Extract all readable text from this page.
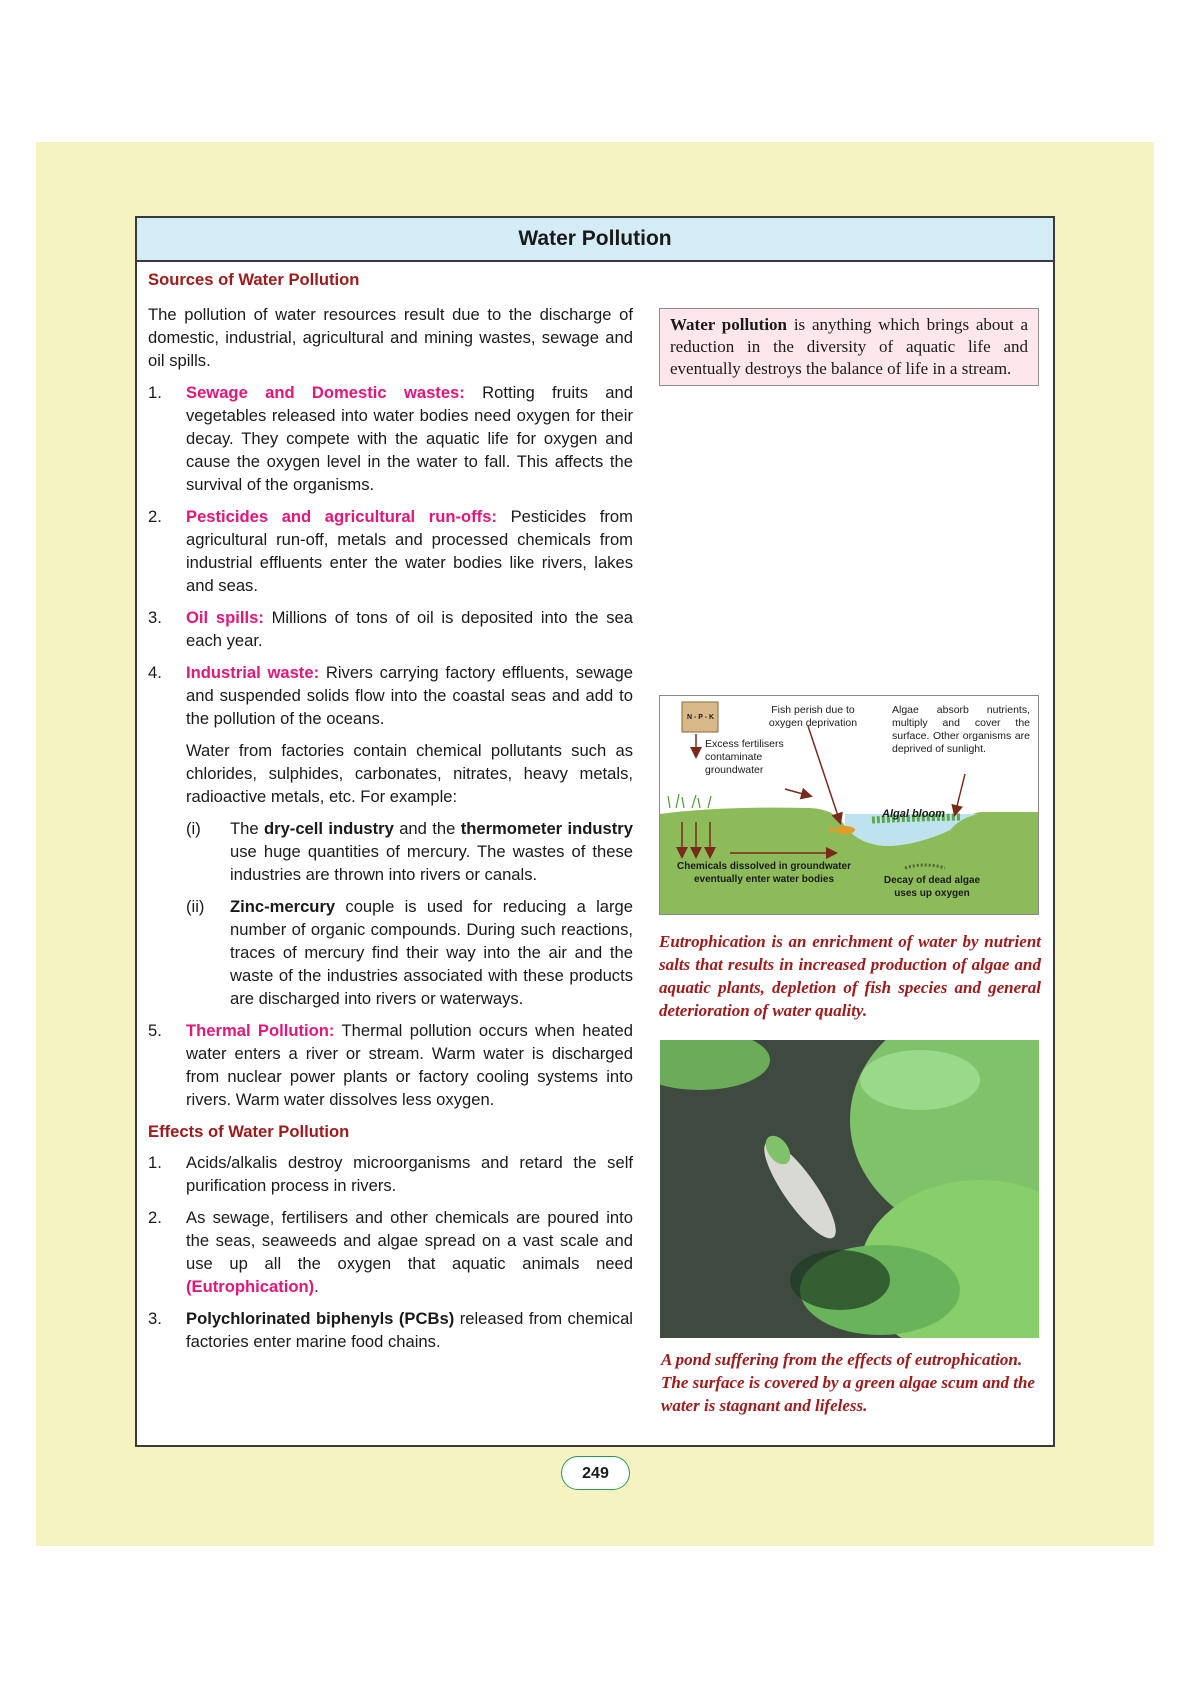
Water Pollution
Sources of Water Pollution
The pollution of water resources result due to the discharge of domestic, industrial, agricultural and mining wastes, sewage and oil spills.
1. Sewage and Domestic wastes: Rotting fruits and vegetables released into water bodies need oxygen for their decay. They compete with the aquatic life for oxygen and cause the oxygen level in the water to fall. This affects the survival of the organisms.
2. Pesticides and agricultural run-offs: Pesticides from agricultural run-off, metals and processed chemicals from industrial effluents enter the water bodies like rivers, lakes and seas.
3. Oil spills: Millions of tons of oil is deposited into the sea each year.
4. Industrial waste: Rivers carrying factory effluents, sewage and suspended solids flow into the coastal seas and add to the pollution of the oceans.
Water from factories contain chemical pollutants such as chlorides, sulphides, carbonates, nitrates, heavy metals, radioactive metals, etc. For example:
(i) The dry-cell industry and the thermometer industry use huge quantities of mercury. The wastes of these industries are thrown into rivers or canals.
(ii) Zinc-mercury couple is used for reducing a large number of organic compounds. During such reactions, traces of mercury find their way into the air and the waste of the industries associated with these products are discharged into rivers or waterways.
5. Thermal Pollution: Thermal pollution occurs when heated water enters a river or stream. Warm water is discharged from nuclear power plants or factory cooling systems into rivers. Warm water dissolves less oxygen.
Effects of Water Pollution
1. Acids/alkalis destroy microorganisms and retard the self purification process in rivers.
2. As sewage, fertilisers and other chemicals are poured into the seas, seaweeds and algae spread on a vast scale and use up all the oxygen that aquatic animals need (Eutrophication).
3. Polychlorinated biphenyls (PCBs) released from chemical factories enter marine food chains.
Water pollution is anything which brings about a reduction in the diversity of aquatic life and eventually destroys the balance of life in a stream.
N - P - K
Excess fertilisers contaminate groundwater
Fish perish due to oxygen deprivation
Algae absorb nutrients, multiply and cover the surface. Other organisms are deprived of sunlight.
Algal bloom
Chemicals dissolved in groundwater eventually enter water bodies	Decay of dead algae uses up oxygen
Eutrophication is an enrichment of water by nutrient salts that results in increased production of algae and aquatic plants, depletion of fish species and general deterioration of water quality.
A pond suffering from the effects of eutrophication. The surface is covered by a green algae scum and the water is stagnant and lifeless.
249
